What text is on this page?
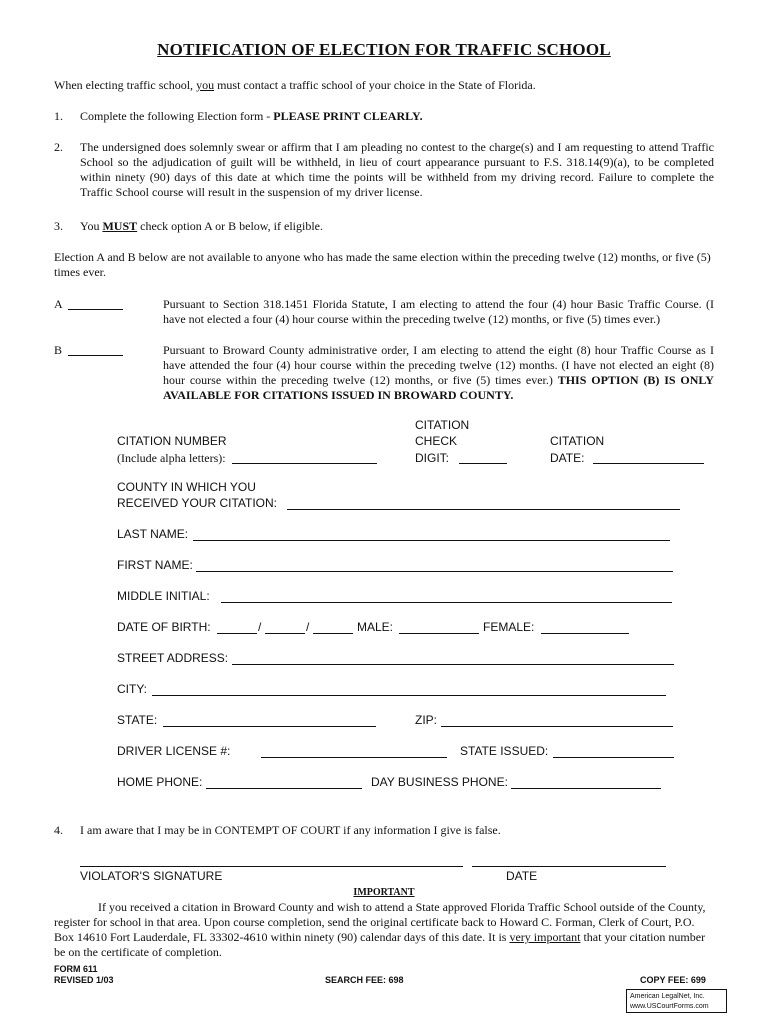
NOTIFICATION OF ELECTION FOR TRAFFIC SCHOOL
When electing traffic school, you must contact a traffic school of your choice in the State of Florida.
1. Complete the following Election form - PLEASE PRINT CLEARLY.
2. The undersigned does solemnly swear or affirm that I am pleading no contest to the charge(s) and I am requesting to attend Traffic School so the adjudication of guilt will be withheld, in lieu of court appearance pursuant to F.S. 318.14(9)(a), to be completed within ninety (90) days of this date at which time the points will be withheld from my driving record. Failure to complete the Traffic School course will result in the suspension of my driver license.
3. You MUST check option A or B below, if eligible.
Election A and B below are not available to anyone who has made the same election within the preceding twelve (12) months, or five (5) times ever.
A	Pursuant to Section 318.1451 Florida Statute, I am electing to attend the four (4) hour Basic Traffic Course. (I have not elected a four (4) hour course within the preceding twelve (12) months, or five (5) times ever.)
B	Pursuant to Broward County administrative order, I am electing to attend the eight (8) hour Traffic Course as I have attended the four (4) hour course within the preceding twelve (12) months. (I have not elected an eight (8) hour course within the preceding twelve (12) months, or five (5) times ever.) THIS OPTION (B) IS ONLY AVAILABLE FOR CITATIONS ISSUED IN BROWARD COUNTY.
CITATION NUMBER
(Include alpha letters):
CITATION
CHECK
DIGIT:
CITATION
DATE:
COUNTY IN WHICH YOU
RECEIVED YOUR CITATION:
LAST NAME:
FIRST NAME:
MIDDLE INITIAL:
DATE OF BIRTH:	/	/	MALE:	FEMALE:
STREET ADDRESS:
CITY:
STATE:	ZIP:
DRIVER LICENSE #:	STATE ISSUED:
HOME PHONE:	DAY BUSINESS PHONE:
4. I am aware that I may be in CONTEMPT OF COURT if any information I give is false.
VIOLATOR'S SIGNATURE	DATE
IMPORTANT
If you received a citation in Broward County and wish to attend a State approved Florida Traffic School outside of the County, register for school in that area. Upon course completion, send the original certificate back to Howard C. Forman, Clerk of Court, P.O. Box 14610 Fort Lauderdale, FL 33302-4610 within ninety (90) calendar days of this date. It is very important that your citation number be on the certificate of completion.
FORM 611
REVISED 1/03	SEARCH FEE: 698	COPY FEE: 699
American LegalNet, Inc.
www.USCourtForms.com
